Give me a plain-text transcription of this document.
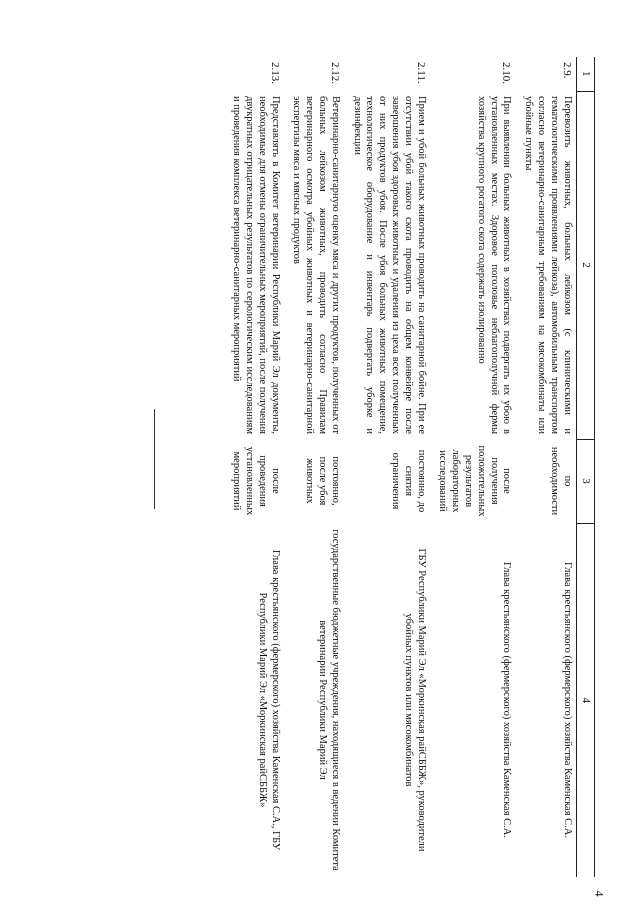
4
1	2	3	4
2.9.	Перевозить животных, больных лейкозом (с клиническими и гематологическими проявлениями лейкоза), автомобильным транспортом согласно ветеринарно-санитарным требованиям на мясокомбинаты или убойные пункты	по необходимости	Глава крестьянского (фермерского) хозяйства Каменская С.А.
2.10.	При выявлении больных животных в хозяйствах подвергать их убою в установленных местах. Здоровое поголовье неблагополучной фермы хозяйства крупного рогатого скота содержать изолированно	после получения положительных результатов лабораторных исследований	Глава крестьянского (фермерского) хозяйства Каменская С.А.
2.11.	Прием и убой больных животных проводить на санитарной бойне. При ее отсутствии убой такого скота проводить на общем конвейере после завершения убоя здоровых животных и удаления из цеха всех полученных от них продуктов убоя. После убоя больных животных помещение, технологическое оборудование и инвентарь подвергать уборке и дезинфекции	постоянно, до снятия ограничения	ГБУ Республики Марий Эл «Моркинская райСББЖ», руководители убойных пунктов или мясокомбинатов
2.12.	Ветеринарно-санитарную оценку мяса и других продуктов, полученных от больных лейкозом животных, проводить согласно Правилам ветеринарного осмотра убойных животных и ветеринарно-санитарной экспертизы мяса и мясных продуктов	постоянно, после убоя животных	государственные бюджетные учреждения, находящиеся в ведении Комитета ветеринарии Республики Марий Эл
2.13.	Представлять в Комитет ветеринарии Республики Марий Эл документы, необходимые для отмены ограничительных мероприятий, после получения двукратных отрицательных результатов по серологическим исследованиям и проведения комплекса ветеринарно-санитарных мероприятий	после проведения установленных мероприятий	Глава крестьянского (фермерского) хозяйства Каменская С.А., ГБУ Республики Марий Эл «Моркинская райСББЖ»
